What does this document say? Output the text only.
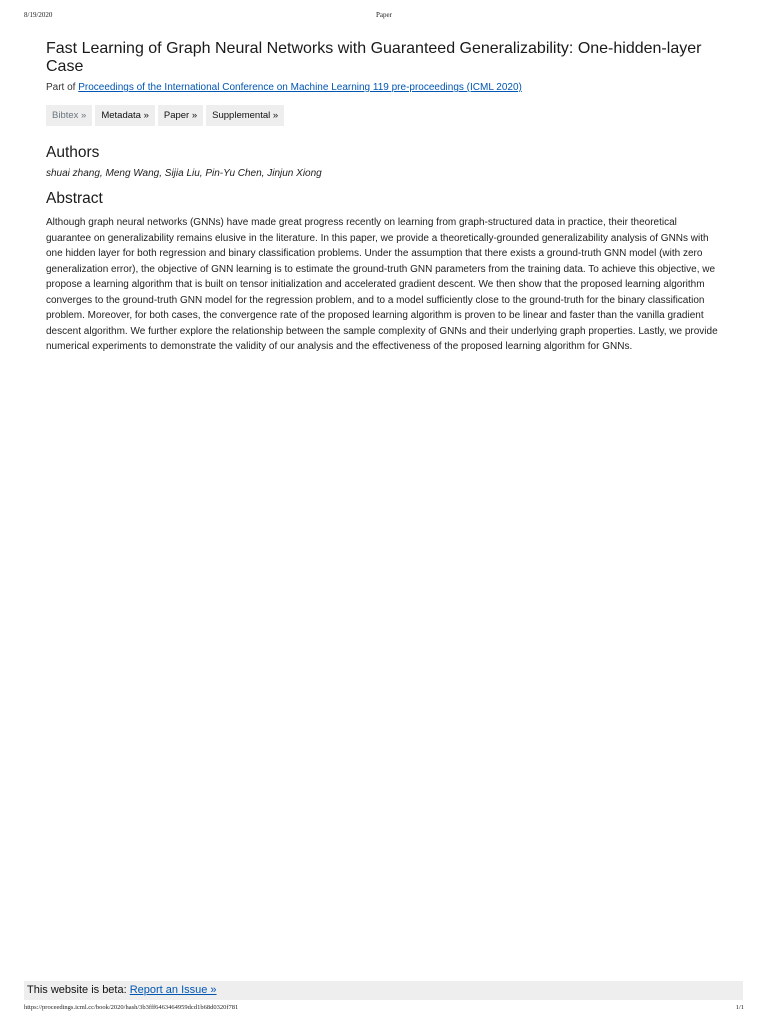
8/19/2020	Paper
Fast Learning of Graph Neural Networks with Guaranteed Generalizability: One-hidden-layer Case
Part of Proceedings of the International Conference on Machine Learning 119 pre-proceedings (ICML 2020)
Bibtex »	Metadata »	Paper »	Supplemental »
Authors
shuai zhang, Meng Wang, Sijia Liu, Pin-Yu Chen, Jinjun Xiong
Abstract
Although graph neural networks (GNNs) have made great progress recently on learning from graph-structured data in practice, their theoretical guarantee on generalizability remains elusive in the literature. In this paper, we provide a theoretically-grounded generalizability analysis of GNNs with one hidden layer for both regression and binary classification problems. Under the assumption that there exists a ground-truth GNN model (with zero generalization error), the objective of GNN learning is to estimate the ground-truth GNN parameters from the training data. To achieve this objective, we propose a learning algorithm that is built on tensor initialization and accelerated gradient descent. We then show that the proposed learning algorithm converges to the ground-truth GNN model for the regression problem, and to a model sufficiently close to the ground-truth for the binary classification problem. Moreover, for both cases, the convergence rate of the proposed learning algorithm is proven to be linear and faster than the vanilla gradient descent algorithm. We further explore the relationship between the sample complexity of GNNs and their underlying graph properties. Lastly, we provide numerical experiments to demonstrate the validity of our analysis and the effectiveness of the proposed learning algorithm for GNNs.
This website is beta: Report an Issue »
https://proceedings.icml.cc/book/2020/hash/3b3fff6463464959dcd1b68d0320f781	1/1
